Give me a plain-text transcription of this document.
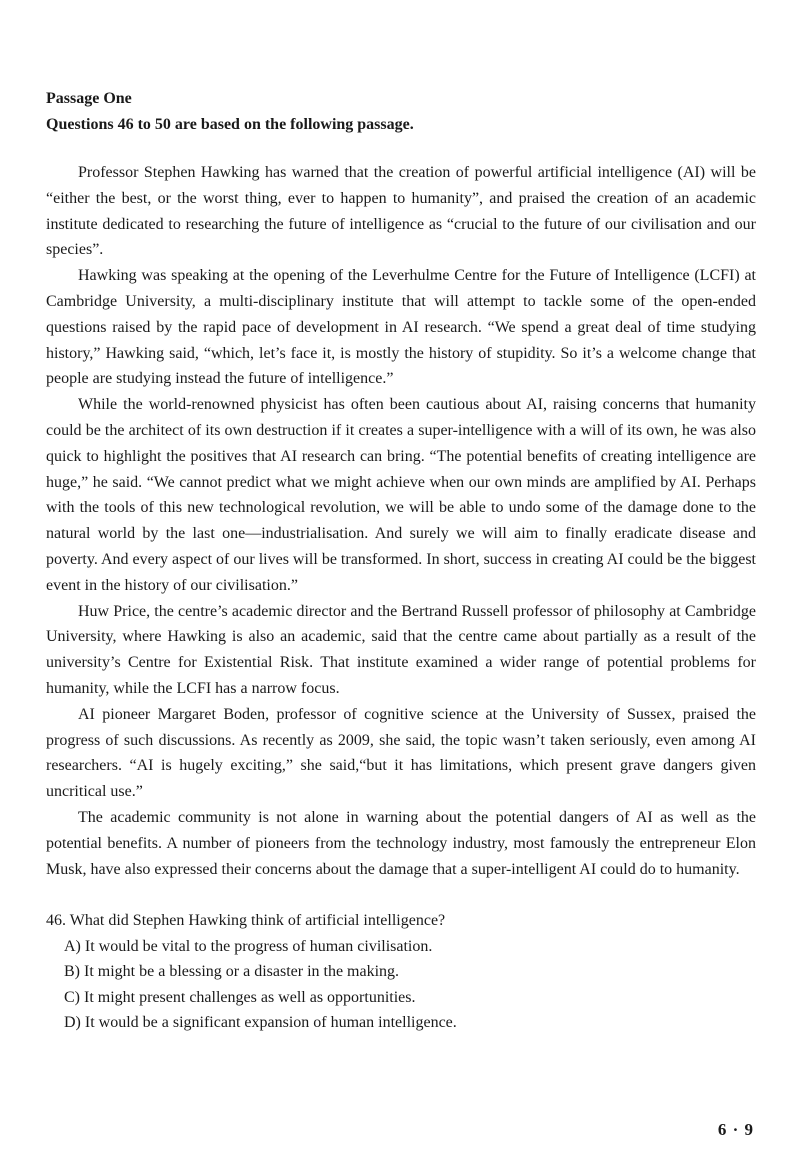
Passage One

Questions 46 to 50 are based on the following passage.

Professor Stephen Hawking has warned that the creation of powerful artificial intelligence (AI) will be “either the best, or the worst thing, ever to happen to humanity”, and praised the creation of an academic institute dedicated to researching the future of intelligence as “crucial to the future of our civilisation and our species”.

Hawking was speaking at the opening of the Leverhulme Centre for the Future of Intelligence (LCFI) at Cambridge University, a multi-disciplinary institute that will attempt to tackle some of the open-ended questions raised by the rapid pace of development in AI research. “We spend a great deal of time studying history,” Hawking said, “which, let’s face it, is mostly the history of stupidity. So it’s a welcome change that people are studying instead the future of intelligence.”

While the world-renowned physicist has often been cautious about AI, raising concerns that humanity could be the architect of its own destruction if it creates a super-intelligence with a will of its own, he was also quick to highlight the positives that AI research can bring. “The potential benefits of creating intelligence are huge,” he said. “We cannot predict what we might achieve when our own minds are amplified by AI. Perhaps with the tools of this new technological revolution, we will be able to undo some of the damage done to the natural world by the last one—industrialisation. And surely we will aim to finally eradicate disease and poverty. And every aspect of our lives will be transformed. In short, success in creating AI could be the biggest event in the history of our civilisation.”

Huw Price, the centre’s academic director and the Bertrand Russell professor of philosophy at Cambridge University, where Hawking is also an academic, said that the centre came about partially as a result of the university’s Centre for Existential Risk. That institute examined a wider range of potential problems for humanity, while the LCFI has a narrow focus.

AI pioneer Margaret Boden, professor of cognitive science at the University of Sussex, praised the progress of such discussions. As recently as 2009, she said, the topic wasn’t taken seriously, even among AI researchers. “AI is hugely exciting,” she said,“but it has limitations, which present grave dangers given uncritical use.”

The academic community is not alone in warning about the potential dangers of AI as well as the potential benefits. A number of pioneers from the technology industry, most famously the entrepreneur Elon Musk, have also expressed their concerns about the damage that a super-intelligent AI could do to humanity.

46. What did Stephen Hawking think of artificial intelligence?

A) It would be vital to the progress of human civilisation.

B) It might be a blessing or a disaster in the making.

C) It might present challenges as well as opportunities.

D) It would be a significant expansion of human intelligence.

6 · 9
